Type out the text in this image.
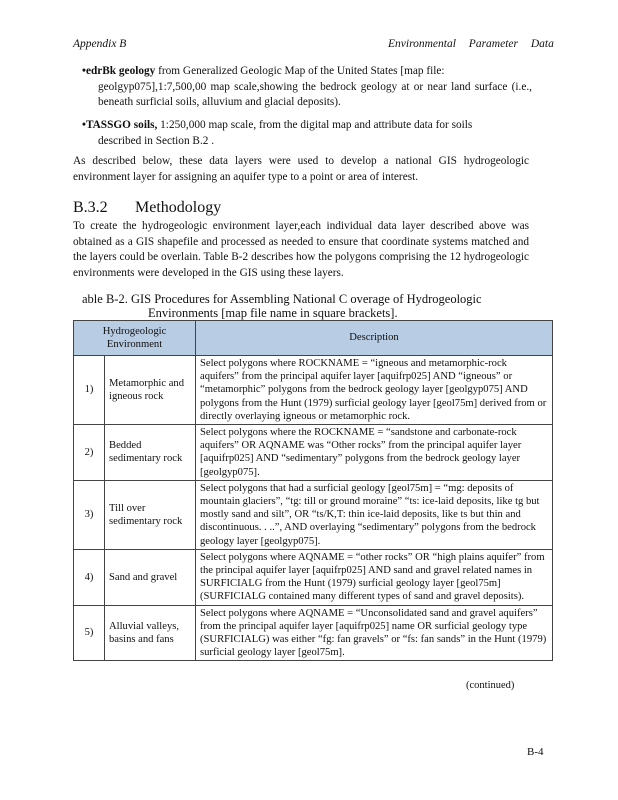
Appendix B	Environmental Parameter Data
•edrBk geology from Generalized Geologic Map of the United States [map file:
geolgyp075],1:7,500,00 map scale,showing the bedrock geology at or near land surface (i.e., beneath surficial soils, alluvium and glacial deposits).
•TASSGO soils, 1:250,000 map scale, from the digital map and attribute data for soils
described in Section B.2 .
As described below, these data layers were used to develop a national GIS hydrogeologic environment layer for assigning an aquifer type to a point or area of interest.
B.3.2 Methodology
To create the hydrogeologic environment layer,each individual data layer described above was obtained as a GIS shapefile and processed as needed to ensure that coordinate systems matched and the layers could be overlain. Table B-2 describes how the polygons comprising the 12 hydrogeologic environments were developed in the GIS using these layers.
able B-2. GIS Procedures for Assembling National C overage of Hydrogeologic
Environments [map file name in square brackets].
Hydrogeologic Environment		Description
1)	Metamorphic and igneous rock	Select polygons where ROCKNAME = “igneous and metamorphic-rock aquifers” from the principal aquifer layer [aquifrp025] AND “igneous” or “metamorphic” polygons from the bedrock geology layer [geolgyp075] AND polygons from the Hunt (1979) surficial geology layer [geol75m] derived from or directly overlaying igneous or metamorphic rock.
2)	Bedded sedimentary rock	Select polygons where the ROCKNAME = “sandstone and carbonate-rock aquifers” OR AQNAME was “Other rocks” from the principal aquifer layer [aquifrp025] AND “sedimentary” polygons from the bedrock geology layer [geolgyp075].
3)	Till over sedimentary rock	Select polygons that had a surficial geology [geol75m] = “mg: deposits of mountain glaciers”, “tg: till or ground moraine” “ts: ice-laid deposits, like tg but mostly sand and silt”, OR “ts/K,T: thin ice-laid deposits, like ts but thin and discontinuous. . ..”, AND overlaying “sedimentary” polygons from the bedrock geology layer [geolgyp075].
4)	Sand and gravel	Select polygons where AQNAME = “other rocks” OR “high plains aquifer” from the principal aquifer layer [aquifrp025] AND sand and gravel related names in SURFICIALG from the Hunt (1979) surficial geology layer [geol75m] (SURFICIALG contained many different types of sand and gravel deposits).
5)	Alluvial valleys, basins and fans	Select polygons where AQNAME = “Unconsolidated sand and gravel aquifers” from the principal aquifer layer [aquifrp025] name OR surficial geology type (SURFICIALG) was either “fg: fan gravels” or “fs: fan sands” in the Hunt (1979) surficial geology layer [geol75m].
(continued)
B-4
